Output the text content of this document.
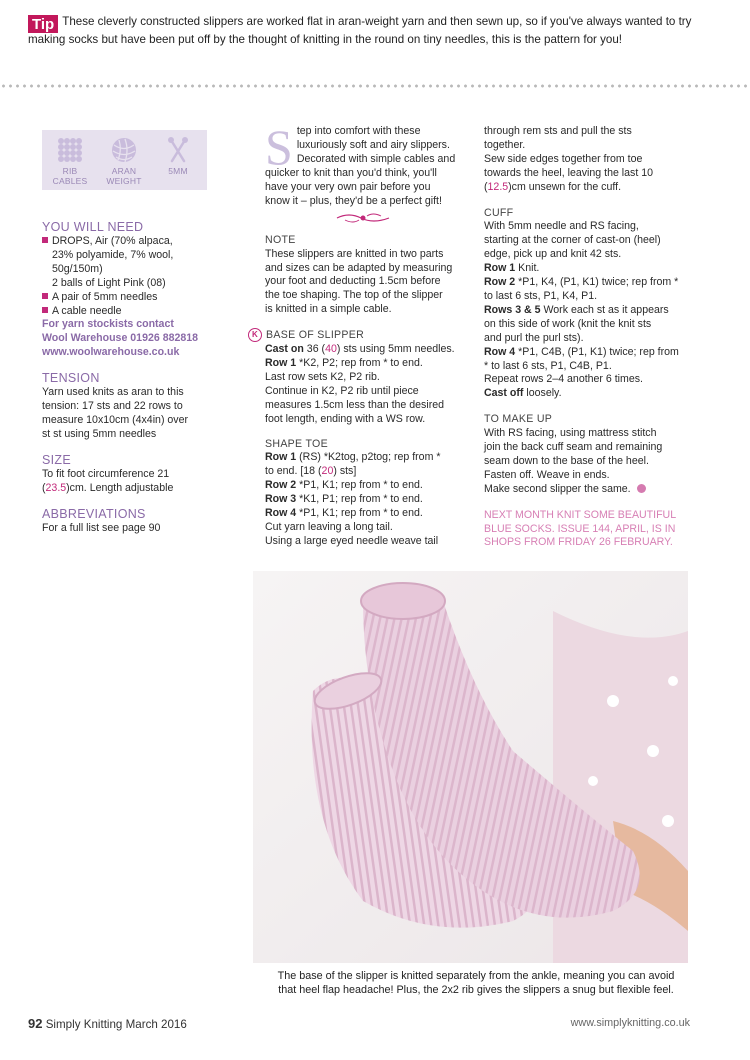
Tip These cleverly constructed slippers are worked flat in aran-weight yarn and then sewn up, so if you've always wanted to try making socks but have been put off by the thought of knitting in the round on tiny needles, this is the pattern for you!
RIB
CABLES
ARAN
WEIGHT
5MM

YOU WILL NEED

DROPS, Air (70% alpaca,

23% polyamide, 7% wool,

50g/150m)

2 balls of Light Pink (08)

A pair of 5mm needles

A cable needle

For yarn stockists contact

Wool Warehouse 01926 882818

www.woolwarehouse.co.uk

TENSION

Yarn used knits as aran to this

tension: 17 sts and 22 rows to

measure 10x10cm (4x4in) over

st st using 5mm needles

SIZE

To fit foot circumference 21

(23.5)cm. Length adjustable

ABBREVIATIONS

For a full list see page 90

S tep into comfort with these

luxuriously soft and airy slippers.

Decorated with simple cables and

quicker to knit than you'd think, you'll

have your very own pair before you

know it – plus, they'd be a perfect gift!

NOTE

These slippers are knitted in two parts

and sizes can be adapted by measuring

your foot and deducting 1.5cm before

the toe shaping. The top of the slipper

is knitted in a simple cable.

K BASE OF SLIPPER

Cast on 36 (40) sts using 5mm needles.

Row 1 *K2, P2; rep from * to end.

Last row sets K2, P2 rib.

Continue in K2, P2 rib until piece

measures 1.5cm less than the desired

foot length, ending with a WS row.

SHAPE TOE

Row 1 (RS) *K2tog, p2tog; rep from *

to end. [18 (20) sts]

Row 2 *P1, K1; rep from * to end.

Row 3 *K1, P1; rep from * to end.

Row 4 *P1, K1; rep from * to end.

Cut yarn leaving a long tail.

Using a large eyed needle weave tail

through rem sts and pull the sts

together.

Sew side edges together from toe

towards the heel, leaving the last 10

(12.5)cm unsewn for the cuff.

CUFF

With 5mm needle and RS facing,

starting at the corner of cast-on (heel)

edge, pick up and knit 42 sts.

Row 1 Knit.

Row 2 *P1, K4, (P1, K1) twice; rep from *

to last 6 sts, P1, K4, P1.

Rows 3 & 5 Work each st as it appears

on this side of work (knit the knit sts

and purl the purl sts).

Row 4 *P1, C4B, (P1, K1) twice; rep from

* to last 6 sts, P1, C4B, P1.

Repeat rows 2–4 another 6 times.

Cast off loosely.

TO MAKE UP

With RS facing, using mattress stitch

join the back cuff seam and remaining

seam down to the base of the heel.

Fasten off. Weave in ends.

Make second slipper the same.

NEXT MONTH KNIT SOME BEAUTIFUL

BLUE SOCKS. ISSUE 144, APRIL, IS IN

SHOPS FROM FRIDAY 26 FEBRUARY.

The base of the slipper is knitted separately from the ankle, meaning you can avoid
that heel flap headache! Plus, the 2x2 rib gives the slippers a snug but flexible feel.
92 Simply Knitting March 2016	www.simplyknitting.co.uk
